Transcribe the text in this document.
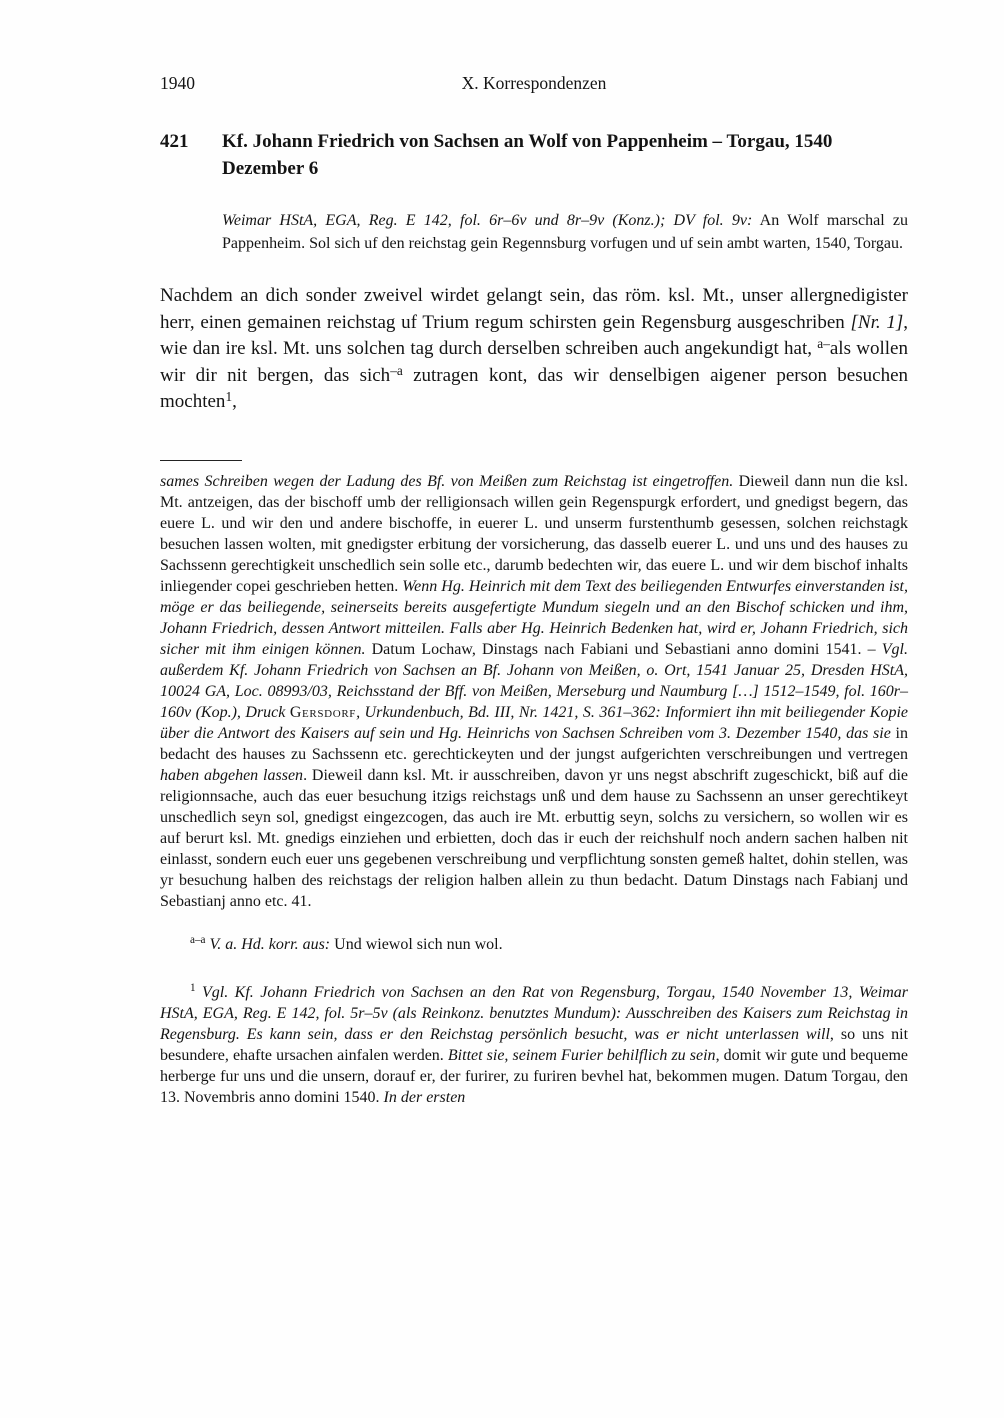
1940	X. Korrespondenzen
421	Kf. Johann Friedrich von Sachsen an Wolf von Pappenheim – Torgau, 1540 Dezember 6

Weimar HStA, EGA, Reg. E 142, fol. 6r–6v und 8r–9v (Konz.); DV fol. 9v: An Wolf marschal zu Pappenheim. Sol sich uf den reichstag gein Regennsburg vorfugen und uf sein ambt warten, 1540, Torgau.

Nachdem an dich sonder zweivel wirdet gelangt sein, das röm. ksl. Mt., unser allergnedigister herr, einen gemainen reichstag uf Trium regum schirsten gein Regensburg ausgeschriben [Nr. 1], wie dan ire ksl. Mt. uns solchen tag durch derselben schreiben auch angekundigt hat, $^{a-}$als wollen wir dir nit bergen, das sich$^{-a}$ zutragen kont, das wir denselbigen aigener person besuchen mochten$^1$,

sames Schreiben wegen der Ladung des Bf. von Meißen zum Reichstag ist eingetroffen. Dieweil dann nun die ksl. Mt. antzeigen, das der bischoff umb der relligionsach willen gein Regenspurgk erfordert, und gnedigst begern, das euere L. und wir den und andere bischoffe, in euerer L. und unserm furstenthumb gesessen, solchen reichstagk besuchen lassen wolten, mit gnedigster erbitung der vorsicherung, das dasselb euerer L. und uns und des hauses zu Sachssenn gerechtigkeit unschedlich sein solle etc., darumb bedechten wir, das euere L. und wir dem bischof inhalts inliegender copei geschrieben hetten. Wenn Hg. Heinrich mit dem Text des beiliegenden Entwurfes einverstanden ist, möge er das beiliegende, seinerseits bereits ausgefertigte Mundum siegeln und an den Bischof schicken und ihm, Johann Friedrich, dessen Antwort mitteilen. Falls aber Hg. Heinrich Bedenken hat, wird er, Johann Friedrich, sich sicher mit ihm einigen können. Datum Lochaw, Dinstags nach Fabiani und Sebastiani anno domini 1541. – Vgl. außerdem Kf. Johann Friedrich von Sachsen an Bf. Johann von Meißen, o. Ort, 1541 Januar 25, Dresden HStA, 10024 GA, Loc. 08993/03, Reichsstand der Bff. von Meißen, Merseburg und Naumburg […] 1512–1549, fol. 160r–160v (Kop.), Druck Gersdorf, Urkundenbuch, Bd. III, Nr. 1421, S. 361–362: Informiert ihn mit beiliegender Kopie über die Antwort des Kaisers auf sein und Hg. Heinrichs von Sachsen Schreiben vom 3. Dezember 1540, das sie in bedacht des hauses zu Sachssenn etc. gerechtickeyten und der jungst aufgerichten verschreibungen und vertregen haben abgehen lassen. Dieweil dann ksl. Mt. ir ausschreiben, davon yr uns negst abschrift zugeschickt, biß auf die religionnsache, auch das euer besuchung itzigs reichstags unß und dem hause zu Sachssenn an unser gerechtikeyt unschedlich seyn sol, gnedigst eingezcogen, das auch ire Mt. erbuttig seyn, solchs zu versichern, so wollen wir es auf berurt ksl. Mt. gnedigs einziehen und erbietten, doch das ir euch der reichshulf noch andern sachen halben nit einlasst, sondern euch euer uns gegebenen verschreibung und verpflichtung sonsten gemeß haltet, dohin stellen, was yr besuchung halben des reichstags der religion halben allein zu thun bedacht. Datum Dinstags nach Fabianj und Sebastianj anno etc. 41.

$^{a-a}$ V. a. Hd. korr. aus: Und wiewol sich nun wol.

$^1$ Vgl. Kf. Johann Friedrich von Sachsen an den Rat von Regensburg, Torgau, 1540 November 13, Weimar HStA, EGA, Reg. E 142, fol. 5r–5v (als Reinkonz. benutztes Mundum): Ausschreiben des Kaisers zum Reichstag in Regensburg. Es kann sein, dass er den Reichstag persönlich besucht, was er nicht unterlassen will, so uns nit besundere, ehafte ursachen ainfalen werden. Bittet sie, seinem Furier behilflich zu sein, domit wir gute und bequeme herberge fur uns und die unsern, dorauf er, der furirer, zu furiren bevhel hat, bekommen mugen. Datum Torgau, den 13. Novembris anno domini 1540. In der ersten
